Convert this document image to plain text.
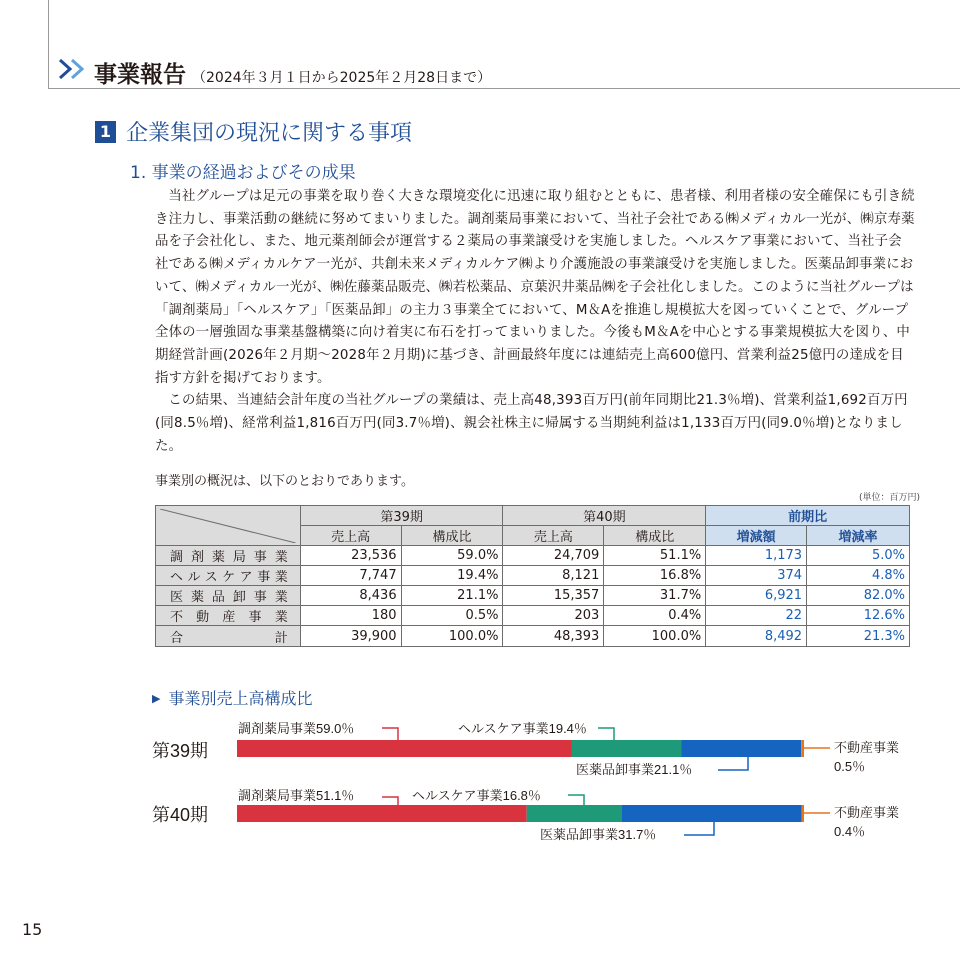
事業報告 （2024年３月１日から2025年２月28日まで）
1 企業集団の現況に関する事項
1. 事業の経過およびその成果

当社グループは足元の事業を取り巻く大きな環境変化に迅速に取り組むとともに、患者様、利用者様の安全確保にも引き続き注力し、事業活動の継続に努めてまいりました。調剤薬局事業において、当社子会社である㈱メディカル一光が、㈱京寿薬品を子会社化し、また、地元薬剤師会が運営する２薬局の事業譲受けを実施しました。ヘルスケア事業において、当社子会社である㈱メディカルケア一光が、共創未来メディカルケア㈱より介護施設の事業譲受けを実施しました。医薬品卸事業において、㈱メディカル一光が、㈱佐藤薬品販売、㈱若松薬品、京葉沢井薬品㈱を子会社化しました。このように当社グループは「調剤薬局」「ヘルスケア」「医薬品卸」の主力３事業全てにおいて、M＆Aを推進し規模拡大を図っていくことで、グループ全体の一層強固な事業基盤構築に向け着実に布石を打ってまいりました。今後もM＆Aを中心とする事業規模拡大を図り、中期経営計画(2026年２月期～2028年２月期)に基づき、計画最終年度には連結売上高600億円、営業利益25億円の達成を目指す方針を掲げております。

この結果、当連結会計年度の当社グループの業績は、売上高48,393百万円(前年同期比21.3％増)、営業利益1,692百万円(同8.5％増)、経常利益1,816百万円(同3.7％増)、親会社株主に帰属する当期純利益は1,133百万円(同9.0％増)となりました。

事業別の概況は、以下のとおりであります。
(単位：百万円)
	第39期		第40期		前期比	
	売上高	構成比	売上高	構成比	増減額	増減率
調剤薬局事業	23,536	59.0%	24,709	51.1%	1,173	5.0%
ヘルスケア事業	7,747	19.4%	8,121	16.8%	374	4.8%
医薬品卸事業	8,436	21.1%	15,357	31.7%	6,921	82.0%
不動産事業	180	0.5%	203	0.4%	22	12.6%
合計	39,900	100.0%	48,393	100.0%	8,492	21.3%
▶ 事業別売上高構成比
第39期
調剤薬局事業59.0％	ヘルスケア事業19.4％
医薬品卸事業21.1％
不動産事業
0.5％
第40期
調剤薬局事業51.1％	ヘルスケア事業16.8％
医薬品卸事業31.7％
不動産事業
0.4％
15
